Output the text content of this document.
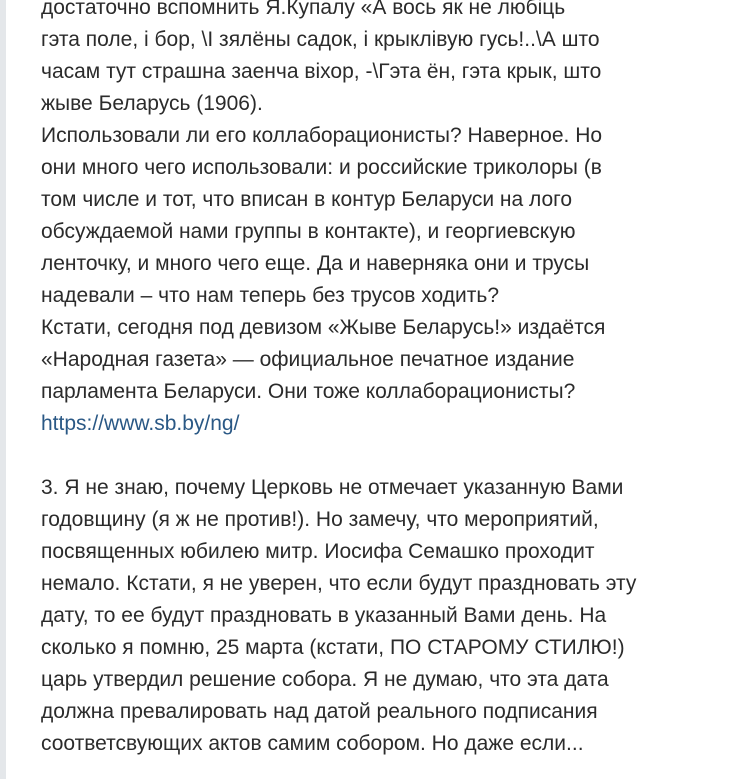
достаточно вспомнить Я.Купалу «А вось як не любіць
гэта поле, і бор, \І зялёны садок, і крыклівую гусь!..\А што
часам тут страшна заенча віхор, -\Гэта ён, гэта крык, што
жыве Беларусь (1906).
Использовали ли его коллаборационисты? Наверное. Но
они много чего использовали: и российские триколоры (в
том числе и тот, что вписан в контур Беларуси на лого
обсуждаемой нами группы в контакте), и георгиевскую
ленточку, и много чего еще. Да и наверняка они и трусы
надевали – что нам теперь без трусов ходить?
Кстати, сегодня под девизом «Жыве Беларусь!» издаётся
«Народная газета» — официальное печатное издание
парламента Беларуси. Они тоже коллаборационисты?
https://www.sb.by/ng/
3. Я не знаю, почему Церковь не отмечает указанную Вами
годовщину (я ж не против!). Но замечу, что мероприятий,
посвященных юбилею митр. Иосифа Семашко проходит
немало. Кстати, я не уверен, что если будут праздновать эту
дату, то ее будут праздновать в указанный Вами день. На
сколько я помню, 25 марта (кстати, ПО СТАРОМУ СТИЛЮ!)
царь утвердил решение собора. Я не думаю, что эта дата
должна превалировать над датой реального подписания
соответсвующих актов самим собором. Но даже если...
